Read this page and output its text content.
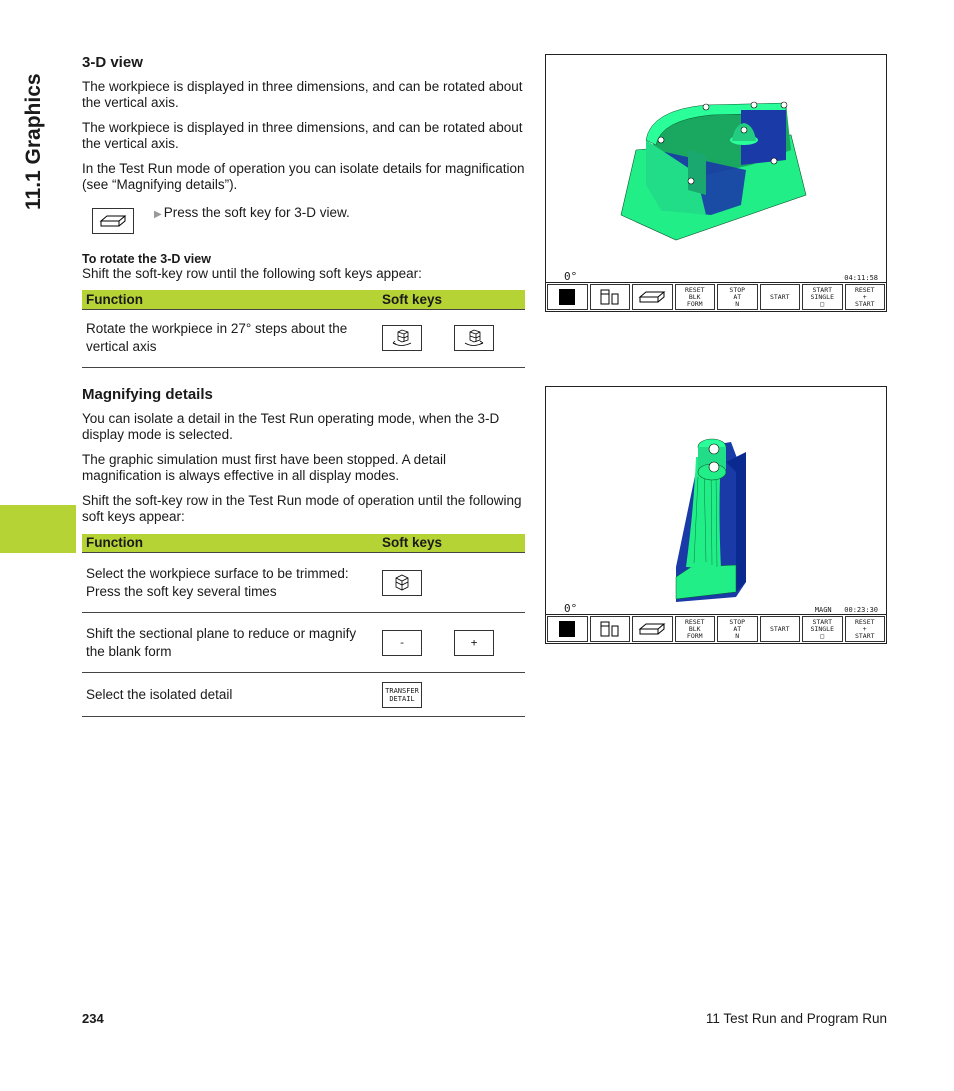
11.1 Graphics
3-D view

The workpiece is displayed in three dimensions, and can be rotated about the vertical axis.

The workpiece is displayed in three dimensions, and can be rotated about the vertical axis.

In the Test Run mode of operation you can isolate details for magnification (see “Magnifying details”).

▶ Press the soft key for 3-D view.
To rotate the 3-D view
Shift the soft-key row until the following soft keys appear:
Function	Soft keys
Rotate the workpiece in 27° steps about the vertical axis	
Magnifying details

You can isolate a detail in the Test Run operating mode, when the 3-D display mode is selected.

The graphic simulation must first have been stopped. A detail magnification is always effective in all display modes.

Shift the soft-key row in the Test Run mode of operation until the following soft keys appear:

Function	Soft keys
Select the workpiece surface to be trimmed: Press the soft key several times	

Shift the sectional plane to reduce or magnify the blank form	- +

Select the isolated detail	TRANSFER
DETAIL
0°	04:11:58
RESET
BLK
FORM
STOP
AT
N
START
START
SINGLE
□
RESET
+
START
0°	MAGN   00:23:30
RESET
BLK
FORM
STOP
AT
N
START
START
SINGLE
□
RESET
+
START
234	11 Test Run and Program Run
